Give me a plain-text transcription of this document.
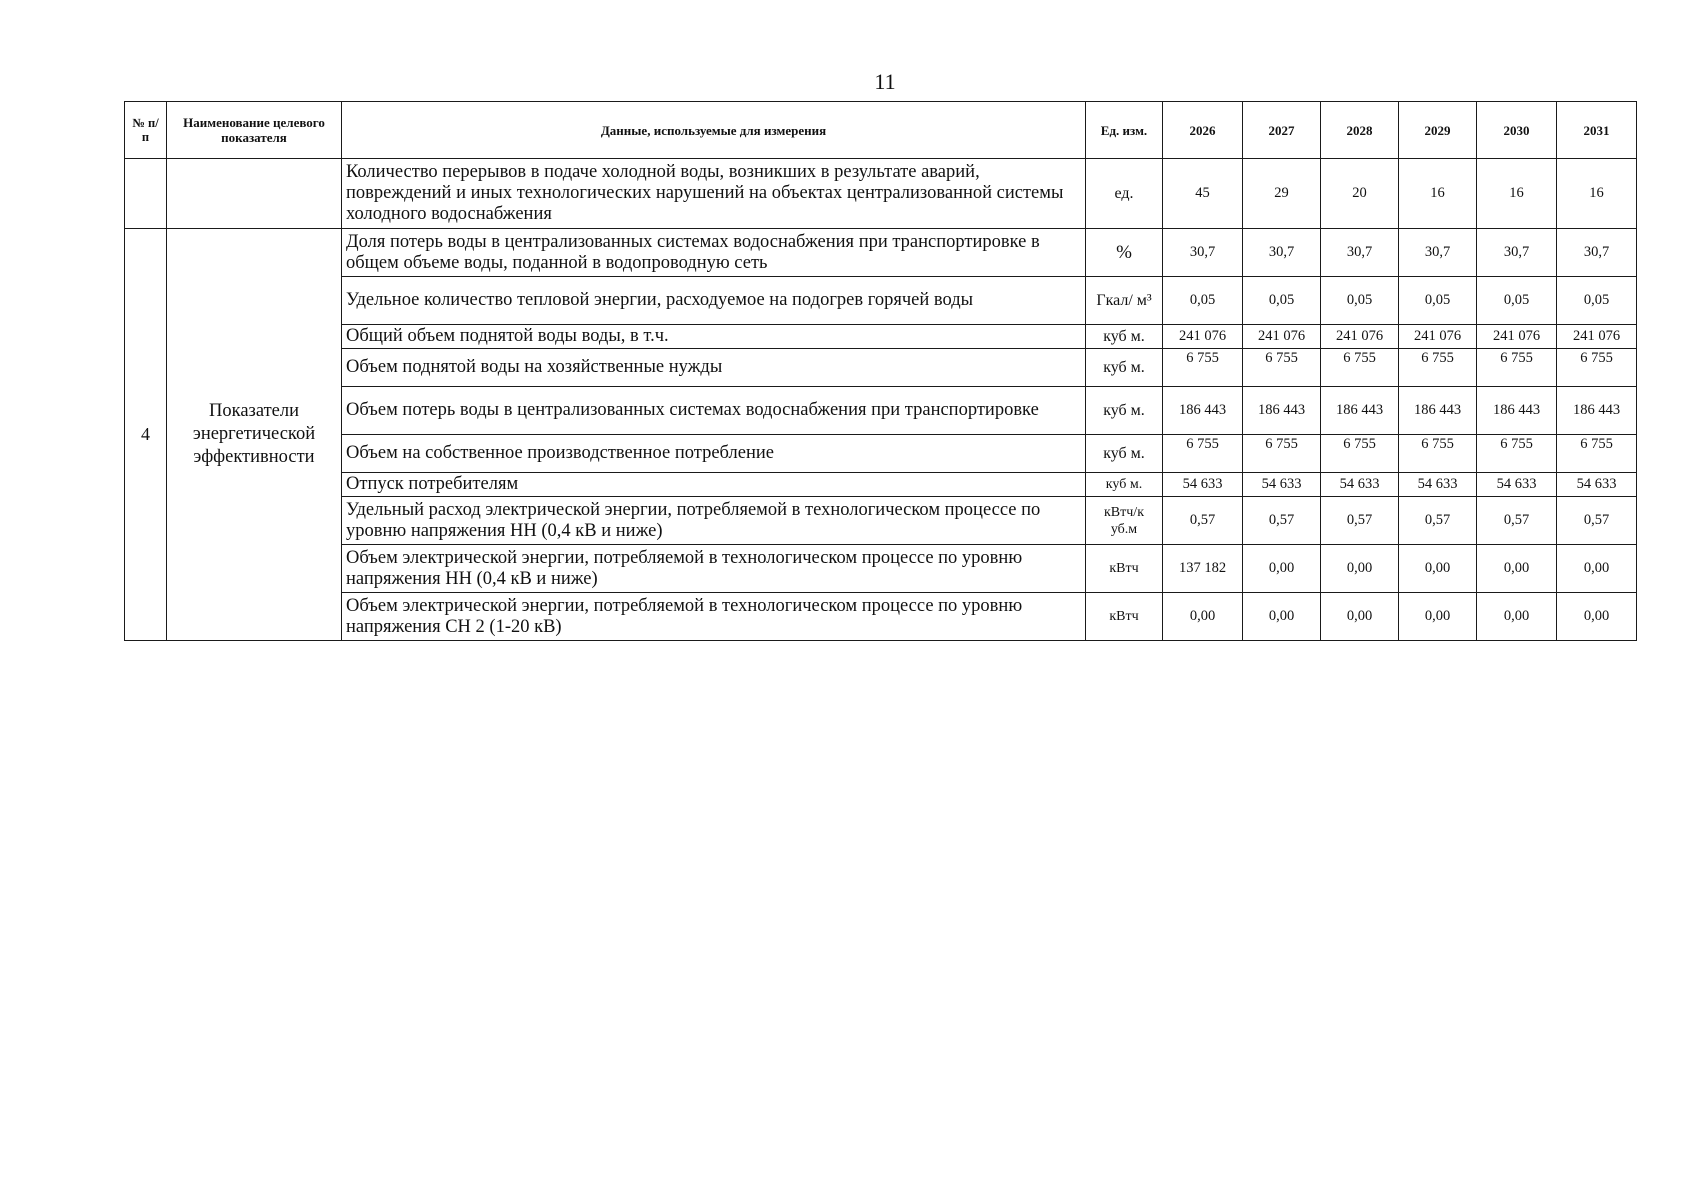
11
№ п/ п	Наименование целевого показателя	Данные, используемые для измерения	Ед. изм.	2026	2027	2028	2029	2030	2031
		Количество перерывов в подаче холодной воды, возникших в результате аварий, повреждений и иных технологических нарушений на объектах централизованной системы холодного водоснабжения	ед.	45	29	20	16	16	16
4	Показатели энергетической эффективности	Доля потерь воды в централизованных системах водоснабжения при транспортировке в общем объеме воды, поданной в водопроводную сеть	%	30,7	30,7	30,7	30,7	30,7	30,7
		Удельное количество тепловой энергии, расходуемое на подогрев горячей воды	Гкал/ м³	0,05	0,05	0,05	0,05	0,05	0,05
		Общий объем поднятой воды воды, в т.ч.	куб м.	241 076	241 076	241 076	241 076	241 076	241 076
		Объем поднятой воды на хозяйственные нужды	куб м.	6 755	6 755	6 755	6 755	6 755	6 755
		Объем потерь воды в централизованных системах водоснабжения при транспортировке	куб м.	186 443	186 443	186 443	186 443	186 443	186 443
		Объем на собственное производственное потребление	куб м.	6 755	6 755	6 755	6 755	6 755	6 755
		Отпуск потребителям	куб м.	54 633	54 633	54 633	54 633	54 633	54 633
		Удельный расход электрической энергии, потребляемой в технологическом процессе по уровню напряжения НН (0,4 кВ и ниже)	кВтч/к уб.м	0,57	0,57	0,57	0,57	0,57	0,57
		Объем электрической энергии, потребляемой в технологическом процессе по уровню напряжения НН (0,4 кВ и ниже)	кВтч	137 182	0,00	0,00	0,00	0,00	0,00
		Объем электрической энергии, потребляемой в технологическом процессе по уровню напряжения СН 2 (1-20 кВ)	кВтч	0,00	0,00	0,00	0,00	0,00	0,00
